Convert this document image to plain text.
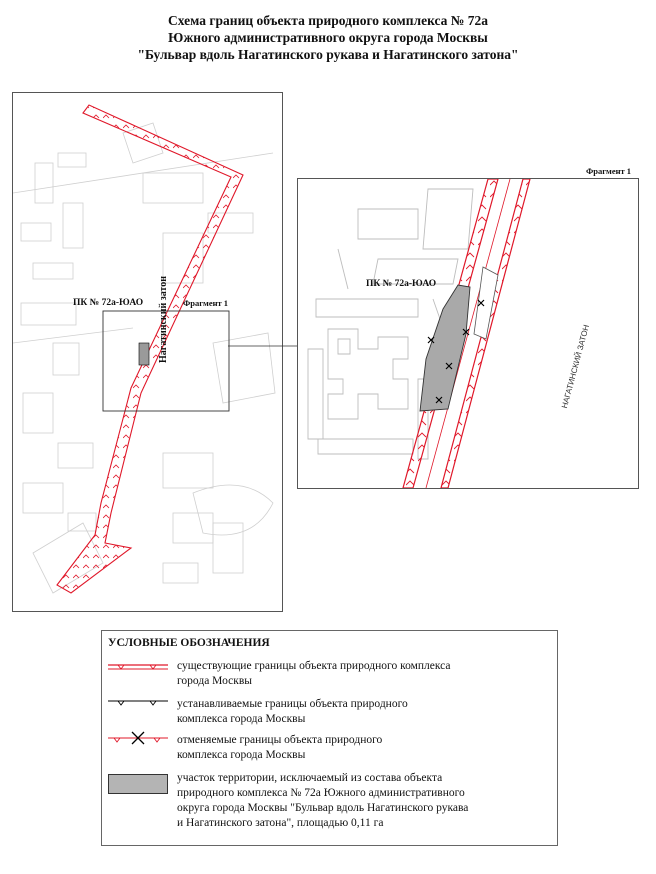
Схема границ объекта природного комплекса № 72а
Южного административного округа города Москвы
"Бульвар вдоль Нагатинского рукава и Нагатинского затона"
ПК № 72а-ЮАО	Фрагмент 1
Нагатинский затон
Фрагмент 1
ПК № 72а-ЮАО
НАГАТИНСКИЙ ЗАТОН
УСЛОВНЫЕ ОБОЗНАЧЕНИЯ
существующие границы объекта природного комплекса
города Москвы
устанавливаемые границы объекта природного
комплекса города Москвы
отменяемые границы объекта природного
комплекса города Москвы
участок территории, исключаемый из состава объекта
природного комплекса № 72а Южного административного
округа города Москвы "Бульвар вдоль Нагатинского рукава
и Нагатинского затона", площадью 0,11 га
